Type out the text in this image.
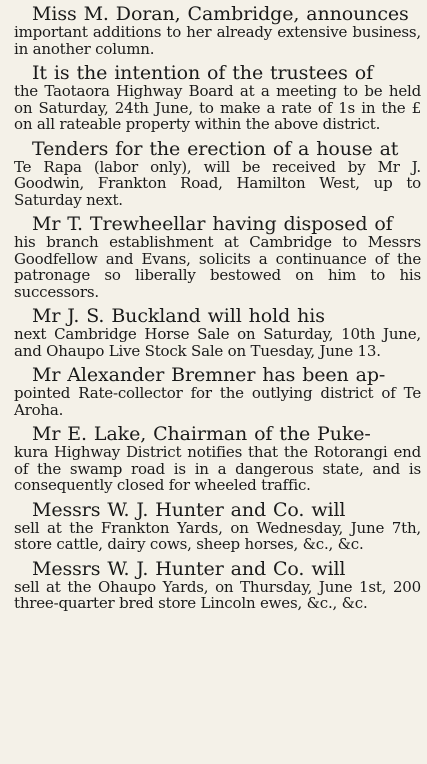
Miss M. Doran, Cambridge, announces
important additions to her already extensive business, in another column.

It is the intention of the trustees of
the Taotaora Highway Board at a meeting to be held on Saturday, 24th June, to make a rate of 1s in the £ on all rateable property within the above district.

Tenders for the erection of a house at
Te Rapa (labor only), will be received by Mr J. Goodwin, Frankton Road, Hamilton West, up to Saturday next.

Mr T. Trewheellar having disposed of
his branch establishment at Cambridge to Messrs Goodfellow and Evans, solicits a continuance of the patronage so liberally bestowed on him to his successors.

Mr J. S. Buckland will hold his
next Cambridge Horse Sale on Saturday, 10th June, and Ohaupo Live Stock Sale on Tuesday, June 13.

Mr Alexander Bremner has been ap-
pointed Rate-collector for the outlying district of Te Aroha.

Mr E. Lake, Chairman of the Puke-
kura Highway District notifies that the Rotorangi end of the swamp road is in a dangerous state, and is consequently closed for wheeled traffic.

Messrs W. J. Hunter and Co. will
sell at the Frankton Yards, on Wednesday, June 7th, store cattle, dairy cows, sheep horses, &c., &c.

Messrs W. J. Hunter and Co. will
sell at the Ohaupo Yards, on Thursday, June 1st, 200 three-quarter bred store Lincoln ewes, &c., &c.
